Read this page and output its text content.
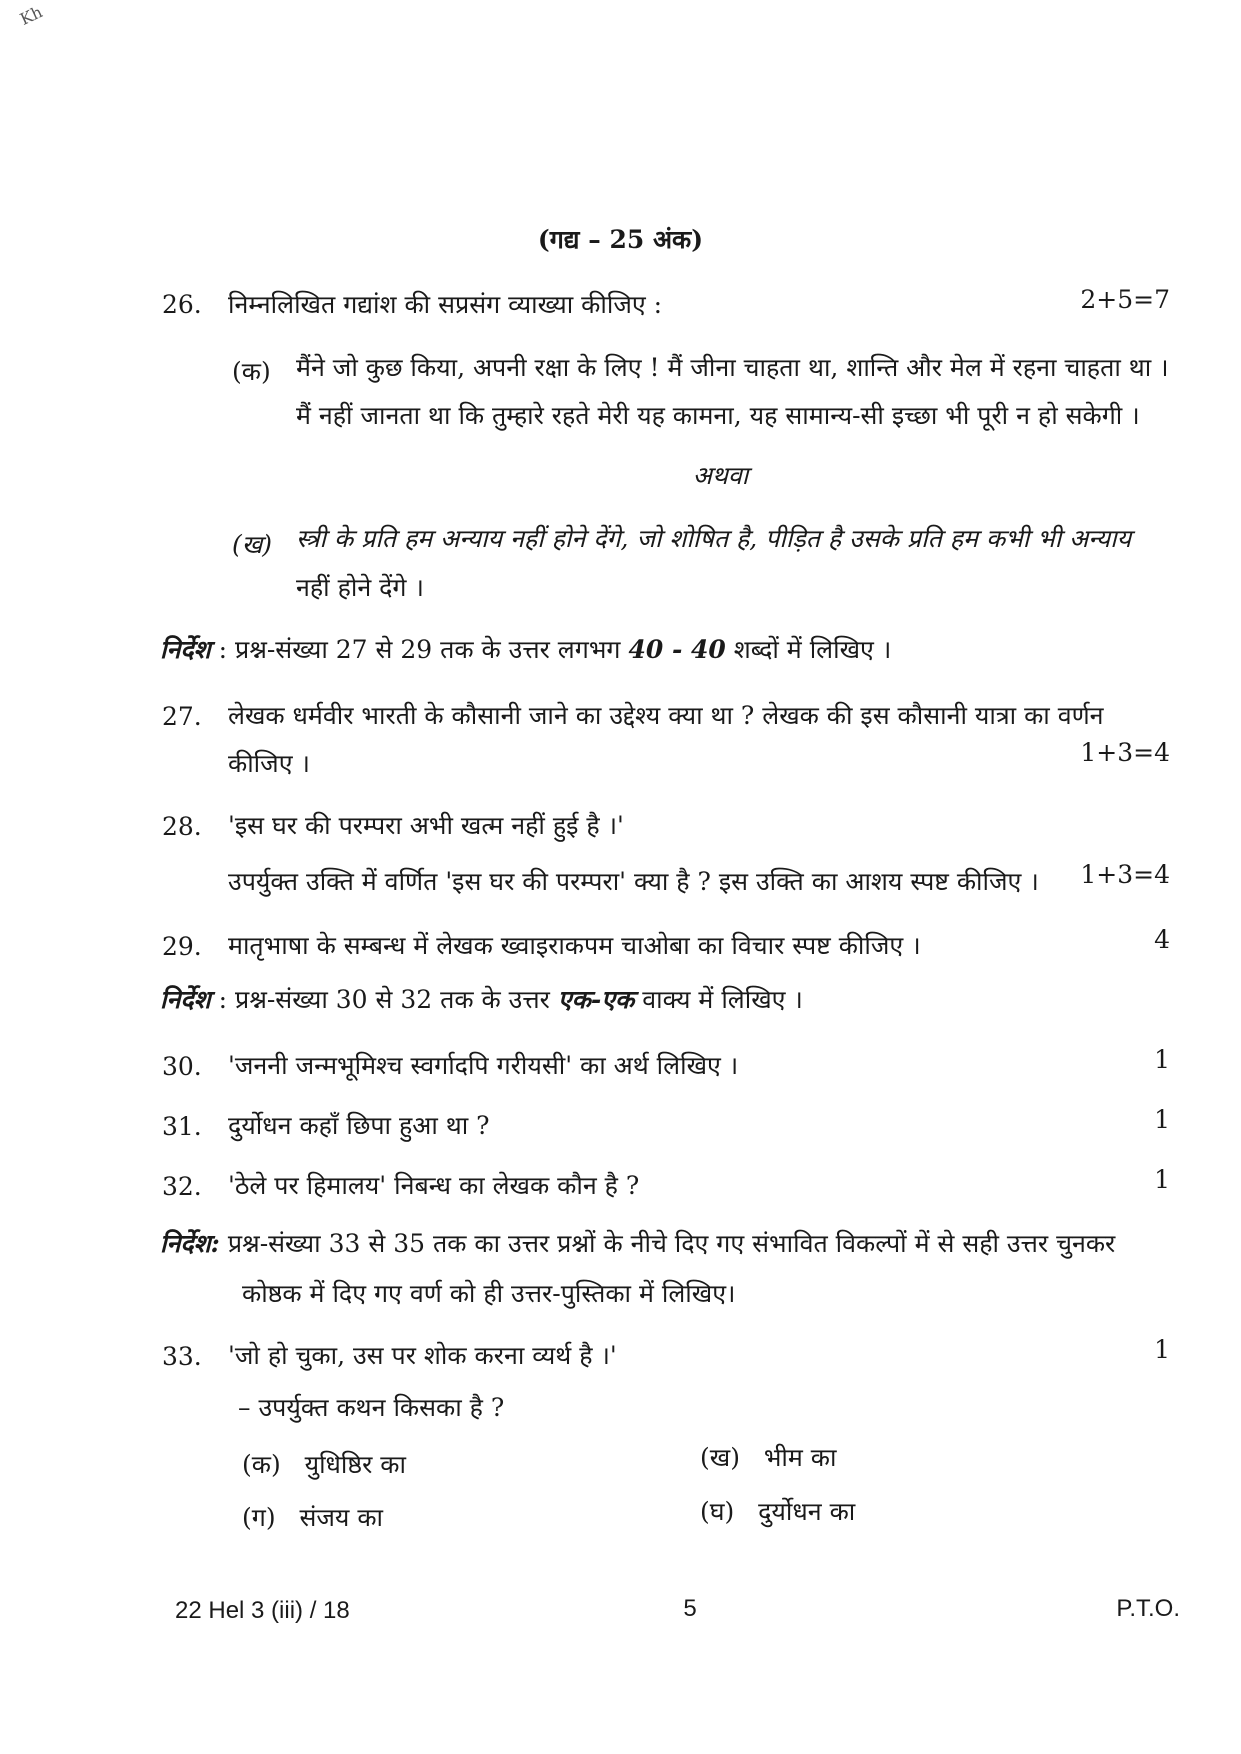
Kh
(गद्य – 25 अंक)
26. निम्नलिखित गद्यांश की सप्रसंग व्याख्या कीजिए :	2+5=7
(क) मैंने जो कुछ किया, अपनी रक्षा के लिए ! मैं जीना चाहता था, शान्ति और मेल में रहना चाहता था ।
मैं नहीं जानता था कि तुम्हारे रहते मेरी यह कामना, यह सामान्य-सी इच्छा भी पूरी न हो सकेगी ।
अथवा
(ख) स्त्री के प्रति हम अन्याय नहीं होने देंगे, जो शोषित है, पीड़ित है उसके प्रति हम कभी भी अन्याय
नहीं होने देंगे ।
निर्देश : प्रश्न-संख्या 27 से 29 तक के उत्तर लगभग 40 - 40 शब्दों में लिखिए ।
27. लेखक धर्मवीर भारती के कौसानी जाने का उद्देश्य क्या था ? लेखक की इस कौसानी यात्रा का वर्णन
कीजिए ।	1+3=4
28. 'इस घर की परम्परा अभी खत्म नहीं हुई है ।'
उपर्युक्त उक्ति में वर्णित 'इस घर की परम्परा' क्या है ? इस उक्ति का आशय स्पष्ट कीजिए ।	1+3=4
29. मातृभाषा के सम्बन्ध में लेखक ख्वाइराकपम चाओबा का विचार स्पष्ट कीजिए ।	4
निर्देश : प्रश्न-संख्या 30 से 32 तक के उत्तर एक-एक वाक्य में लिखिए ।
30. 'जननी जन्मभूमिश्च स्वर्गादपि गरीयसी' का अर्थ लिखिए ।	1
31. दुर्योधन कहाँ छिपा हुआ था ?	1
32. 'ठेले पर हिमालय' निबन्ध का लेखक कौन है ?	1
निर्देश: प्रश्न-संख्या 33 से 35 तक का उत्तर प्रश्नों के नीचे दिए गए संभावित विकल्पों में से सही उत्तर चुनकर
कोष्ठक में दिए गए वर्ण को ही उत्तर-पुस्तिका में लिखिए।
33. 'जो हो चुका, उस पर शोक करना व्यर्थ है ।'	1
– उपर्युक्त कथन किसका है ?
(क) युधिष्ठिर का	(ख) भीम का
(ग) संजय का	(घ) दुर्योधन का
22 Hel 3 (iii) / 18	5	P.T.O.
